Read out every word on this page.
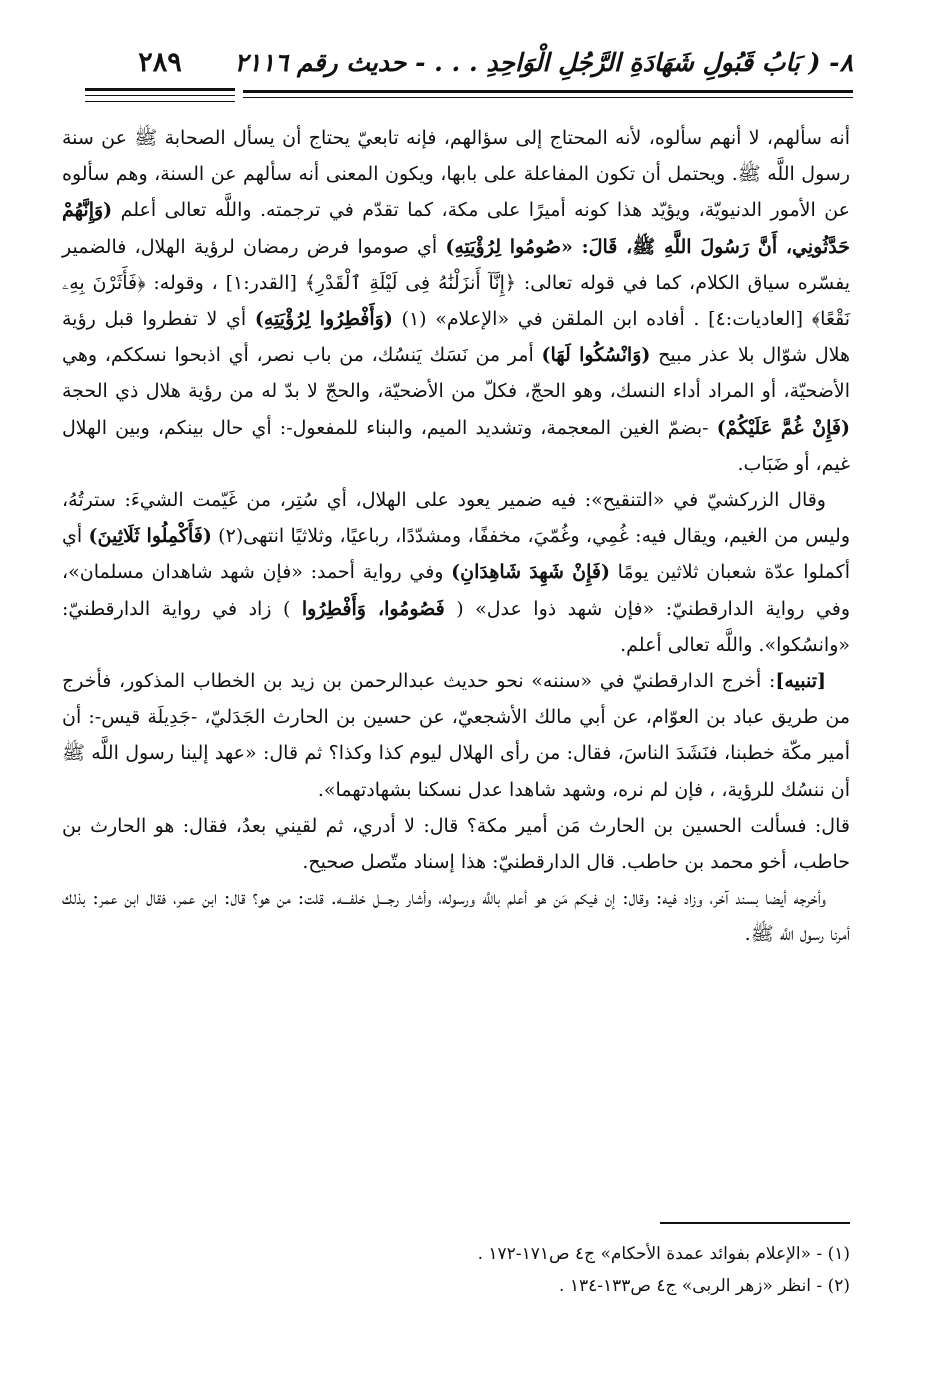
٢٨٩	٨- ( بَابُ قَبُولِ شَهَادَةِ الرَّجُلِ الْوَاحِدِ . . . - حديث رقم ٢١١٦

أنه سألهم، لا أنهم سألوه، لأنه المحتاج إلى سؤالهم، فإنه تابعيّ يحتاج أن يسأل الصحابة ﷺ عن سنة رسول اللَّه ﷺ. ويحتمل أن تكون المفاعلة على بابها، ويكون المعنى أنه سألهم عن السنة، وهم سألوه عن الأمور الدنيويّة، ويؤيّد هذا كونه أميرًا على مكة، كما تقدّم في ترجمته. واللَّه تعالى أعلم (وَإِنَّهُمْ حَدَّثُونِي، أَنَّ رَسُولَ اللَّهِ ﷺ، قَالَ: «صُومُوا لِرُؤْيَتِهِ) أي صوموا فرض رمضان لرؤية الهلال، فالضمير يفسّره سياق الكلام، كما في قوله تعالى: ﴿إِنَّآ أَنزَلْنَٰهُ فِى لَيْلَةِ ٱلْقَدْرِ﴾ [القدر:١] ، وقوله: ﴿فَأَثَرْنَ بِهِۦ نَقْعًا﴾ [العاديات:٤] . أفاده ابن الملقن في «الإعلام» (١) (وَأَفْطِرُوا لِرُؤْيَتِهِ) أي لا تفطروا قبل رؤية هلال شوّال بلا عذر مبيح (وَانْسُكُوا لَهَا) أمر من نَسَك يَنسُك، من باب نصر، أي اذبحوا نسككم، وهي الأضحيّة، أو المراد أداء النسك، وهو الحجّ، فكلّ من الأضحيّة، والحجّ لا بدّ له من رؤية هلال ذي الحجة (فَإِنْ غُمَّ عَلَيْكُمْ) -بضمّ الغين المعجمة، وتشديد الميم، والبناء للمفعول-: أي حال بينكم، وبين الهلال غيم، أو ضَبَاب.

وقال الزركشيّ في «التنقيح»: فيه ضمير يعود على الهلال، أي سُتِر، من غَيّمت الشيءَ: سترتُهُ، وليس من الغيم، ويقال فيه: غُمِي، وغُمّيَ، مخففًا، ومشدّدًا، رباعيًا، وثلاثيًا انتهى(٢) (فَأَكْمِلُوا ثَلَاثِينَ) أي أكملوا عدّة شعبان ثلاثين يومًا (فَإِنْ شَهِدَ شَاهِدَانِ) وفي رواية أحمد: «فإن شهد شاهدان مسلمان»، وفي رواية الدارقطنيّ: «فإن شهد ذوا عدل» ( فَصُومُوا، وَأَفْطِرُوا ) زاد في رواية الدارقطنيّ: «وانسُكوا». واللَّه تعالى أعلم.

[تنبيه]: أخرج الدارقطنيّ في «سننه» نحو حديث عبدالرحمن بن زيد بن الخطاب المذكور، فأخرج من طريق عباد بن العوّام، عن أبي مالك الأشجعيّ، عن حسين بن الحارث الجَدَليّ، -جَدِيلَة قيس-: أن أمير مكّة خطبنا، فنَشَدَ الناسَ، فقال: من رأى الهلال ليوم كذا وكذا؟ ثم قال: «عهد إلينا رسول اللَّه ﷺ أن ننسُك للرؤية، ، فإن لم نره، وشهد شاهدا عدل نسكنا بشهادتهما».

قال: فسألت الحسين بن الحارث مَن أمير مكة؟ قال: لا أدري، ثم لقيني بعدُ، فقال: هو الحارث بن حاطب، أخو محمد بن حاطب. قال الدارقطنيّ: هذا إسناد متّصل صحيح.

وأخرجه أيضا بسند آخر، وزاد فيه: وقال: إن فيكم مَن هو أعلم باللَّه ورسوله، وأشار رجـــل خلفـــه. قلت: من هو؟ قال: ابن عمر، فقال ابن عمر: بذلك أمرنا رسول اللَّه ﷺ.

(١) - «الإعلام بفوائد عمدة الأحكام» ج٤ ص١٧١-١٧٢ .
(٢) - انظر «زهر الربى» ج٤ ص١٣٣-١٣٤ .
